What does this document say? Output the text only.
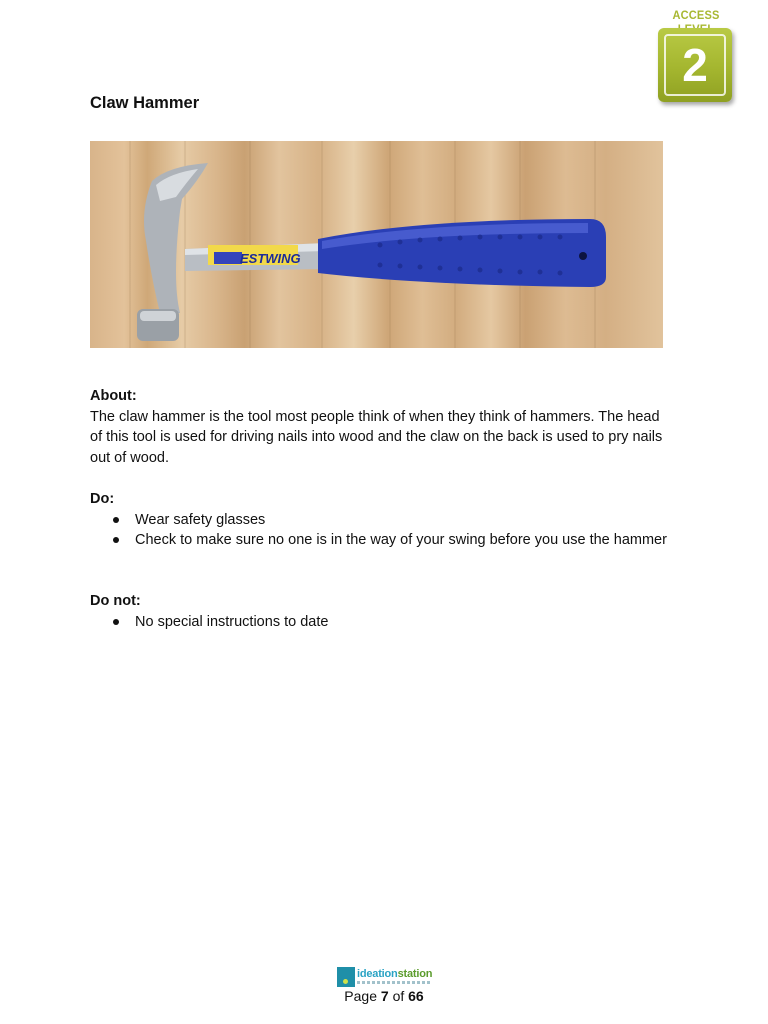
ACCESS
2
Claw Hammer
ESTWING
About:
The claw hammer is the tool most people think of when they think of hammers. The head of this tool is used for driving nails into wood and the claw on the back is used to pry nails out of wood.
Do:
Wear safety glasses
Check to make sure no one is in the way of your swing before you use the hammer
Do not:
No special instructions to date
ideationstation
Page 7 of 66
